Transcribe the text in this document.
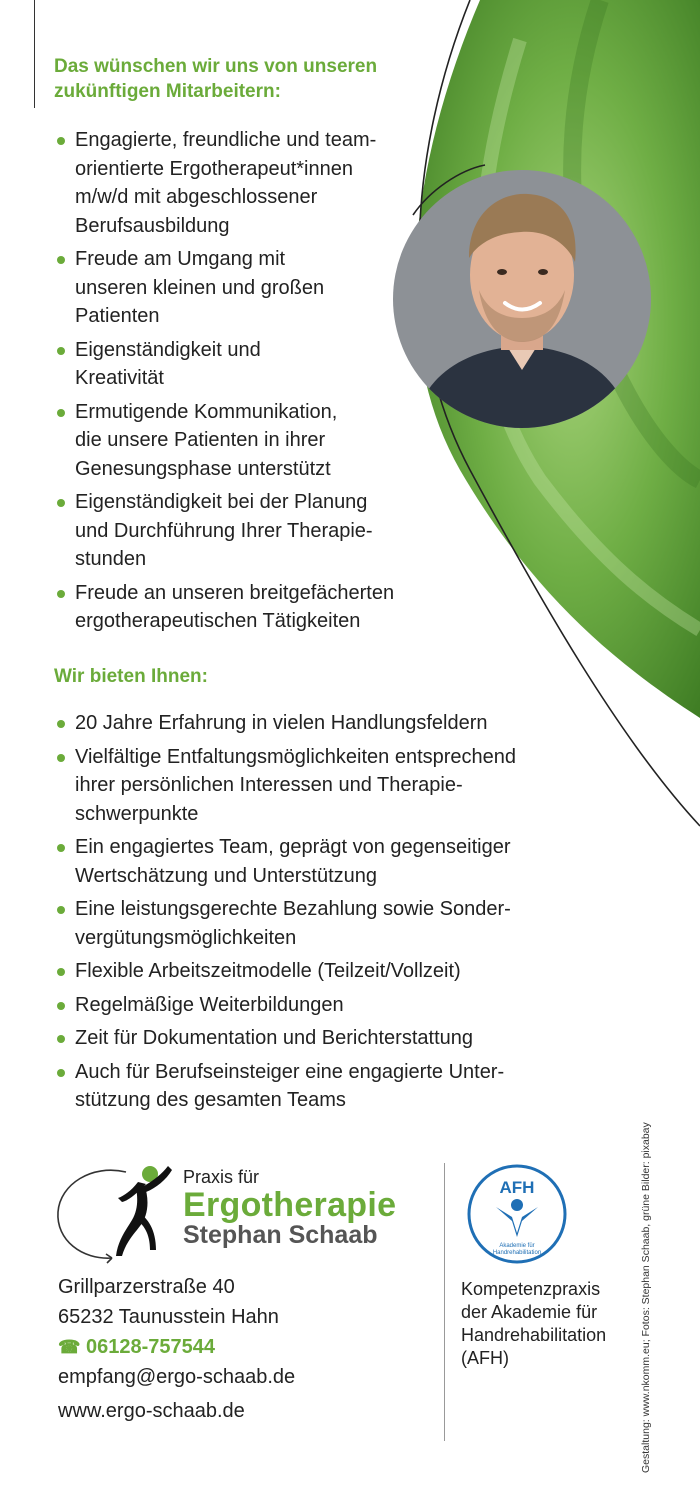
Das wünschen wir uns von unseren
zukünftigen Mitarbeitern:
Engagierte, freundliche und team-
orientierte Ergotherapeut*innen
m/w/d mit abgeschlossener
Berufsausbildung
Freude am Umgang mit
unseren kleinen und großen
Patienten
Eigenständigkeit und
Kreativität
Ermutigende Kommunikation,
die unsere Patienten in ihrer
Genesungsphase unterstützt
Eigenständigkeit bei der Planung
und Durchführung Ihrer Therapie-
stunden
Freude an unseren breitgefächerten
ergotherapeutischen Tätigkeiten
Wir bieten Ihnen:
20 Jahre Erfahrung in vielen Handlungsfeldern
Vielfältige Entfaltungsmöglichkeiten entsprechend
ihrer persönlichen Interessen und Therapie-
schwerpunkte
Ein engagiertes Team, geprägt von gegenseitiger
Wertschätzung und Unterstützung
Eine leistungsgerechte Bezahlung sowie Sonder-
vergütungsmöglichkeiten
Flexible Arbeitszeitmodelle (Teilzeit/Vollzeit)
Regelmäßige Weiterbildungen
Zeit für Dokumentation und Berichterstattung
Auch für Berufseinsteiger eine engagierte Unter-
stützung des gesamten Teams
Praxis für
Ergotherapie
Stephan Schaab
Grillparzerstraße 40
65232 Taunusstein Hahn
☎ 06128-757544
empfang@ergo-schaab.de
www.ergo-schaab.de
AFH
Akademie für
Handrehabilitation
Kompetenzpraxis
der Akademie für
Handrehabilitation
(AFH)	Gestaltung: www.nkomm.eu; Fotos: Stephan Schaab, grüne Bilder: pixabay
